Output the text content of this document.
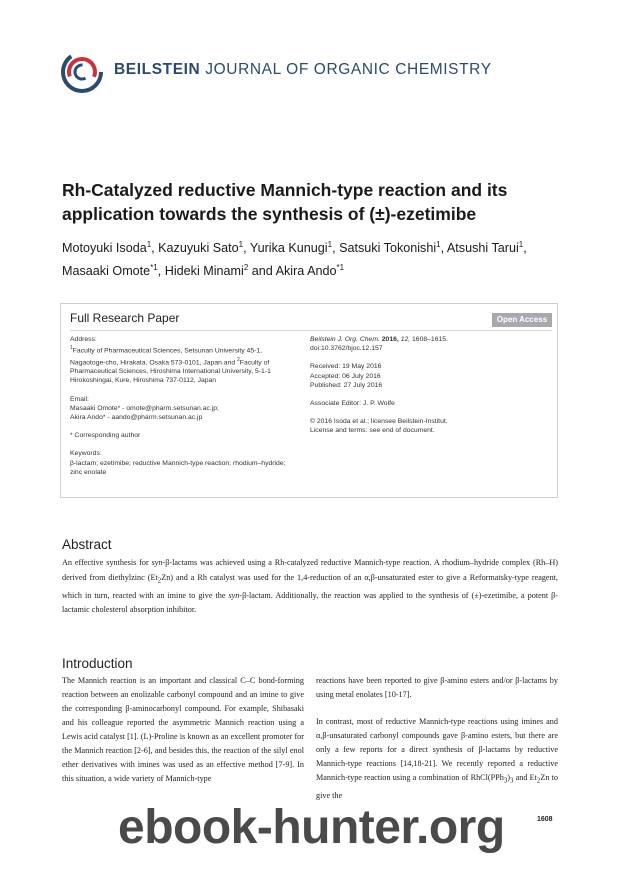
BEILSTEIN JOURNAL OF ORGANIC CHEMISTRY
Rh-Catalyzed reductive Mannich-type reaction and its application towards the synthesis of (±)-ezetimibe
Motoyuki Isoda$^1$, Kazuyuki Sato$^1$, Yurika Kunugi$^1$, Satsuki Tokonishi$^1$, Atsushi Tarui$^1$, Masaaki Omote$^{*1}$, Hideki Minami$^2$ and Akira Ando$^{*1}$
Full Research Paper	Open Access
Address:
$^1$Faculty of Pharmaceutical Sciences, Setsunan University 45-1, Nagaotoge-cho, Hirakata, Osaka 573-0101, Japan and $^2$Faculty of Pharmaceutical Sciences, Hiroshima International University, 5-1-1 Hirokoshingai, Kure, Hiroshima 737-0112, Japan
Email:
Masaaki Omote* - omote@pharm.setsunan.ac.jp;
Akira Ando* - aando@pharm.setsunan.ac.jp
* Corresponding author
Keywords:
β-lactam; ezetimibe; reductive Mannich-type reaction; rhodium–hydride; zinc enolate
Beilstein J. Org. Chem. 2016, 12, 1608–1615.
doi:10.3762/bjoc.12.157
Received: 19 May 2016
Accepted: 06 July 2016
Published: 27 July 2016
Associate Editor: J. P. Wolfe
© 2016 Isoda et al.; licensee Beilstein-Institut.
License and terms: see end of document.
Abstract
An effective synthesis for syn-β-lactams was achieved using a Rh-catalyzed reductive Mannich-type reaction. A rhodium–hydride complex (Rh–H) derived from diethylzinc $(Et_2Zn)$ and a Rh catalyst was used for the 1,4-reduction of an α,β-unsaturated ester to give a Reformatsky-type reagent, which in turn, reacted with an imine to give the syn-β-lactam. Additionally, the reaction was applied to the synthesis of (±)-ezetimibe, a potent β-lactamic cholesterol absorption inhibitor.
Introduction
The Mannich reaction is an important and classical C–C bond-forming reaction between an enolizable carbonyl compound and an imine to give the corresponding β-aminocarbonyl compound. For example, Shibasaki and his colleague reported the asymmetric Mannich reaction using a Lewis acid catalyst [1]. (L)-Proline is known as an excellent promoter for the Mannich reaction [2-6], and besides this, the reaction of the silyl enol ether derivatives with imines was used as an effective method [7-9]. In this situation, a wide variety of Mannich-type
reactions have been reported to give β-amino esters and/or β-lactams by using metal enolates [10-17].
In contrast, most of reductive Mannich-type reactions using imines and α,β-unsaturated carbonyl compounds gave β-amino esters, but there are only a few reports for a direct synthesis of β-lactams by reductive Mannich-type reactions [14,18-21]. We recently reported a reductive Mannich-type reaction using a combination of $RhCl(PPh_3)_3$ and $Et_2Zn$ to give the
1608
ebook-hunter.org
